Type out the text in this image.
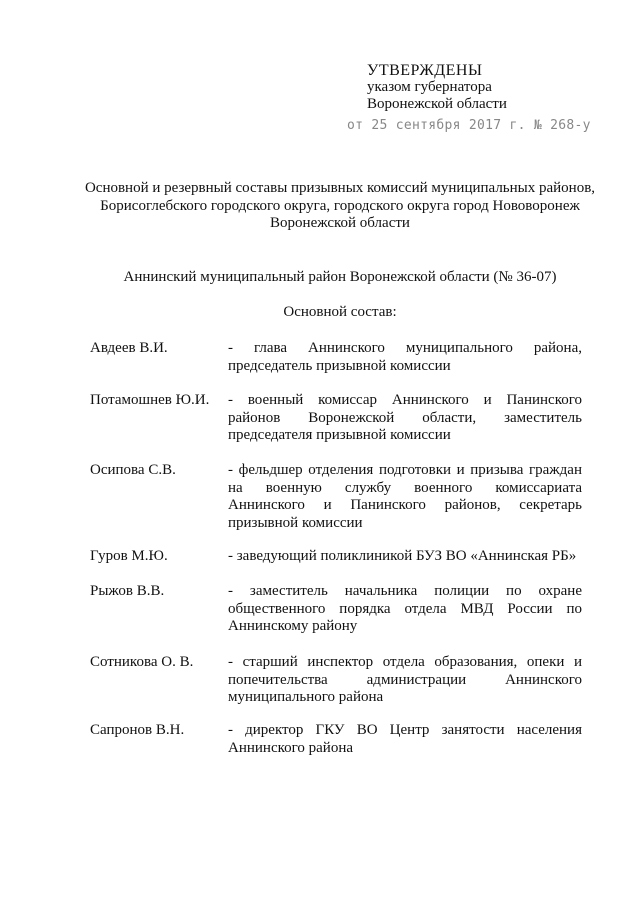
УТВЕРЖДЕНЫ
указом губернатора
Воронежской области
от 25 сентября 2017 г. № 268-у
Основной и резервный составы призывных комиссий муниципальных районов, Борисоглебского городского округа, городского округа город Нововоронеж Воронежской области
Аннинский муниципальный район Воронежской области (№ 36-07)
Основной состав:
Авдеев В.И.	- глава Аннинского муниципального района, председатель призывной комиссии
Потамошнев Ю.И. - военный комиссар Аннинского и Панинского районов Воронежской области, заместитель председателя призывной комиссии
Осипова С.В.	- фельдшер отделения подготовки и призыва граждан на военную службу военного комиссариата Аннинского и Панинского районов, секретарь призывной комиссии
Гуров М.Ю.	- заведующий поликлиникой БУЗ ВО «Аннинская РБ»
Рыжов В.В.	- заместитель начальника полиции по охране общественного порядка отдела МВД России по Аннинскому району
Сотникова О. В. - старший инспектор отдела образования, опеки и попечительства администрации Аннинского муниципального района
Сапронов В.Н.	- директор ГКУ ВО Центр занятости населения Аннинского района
